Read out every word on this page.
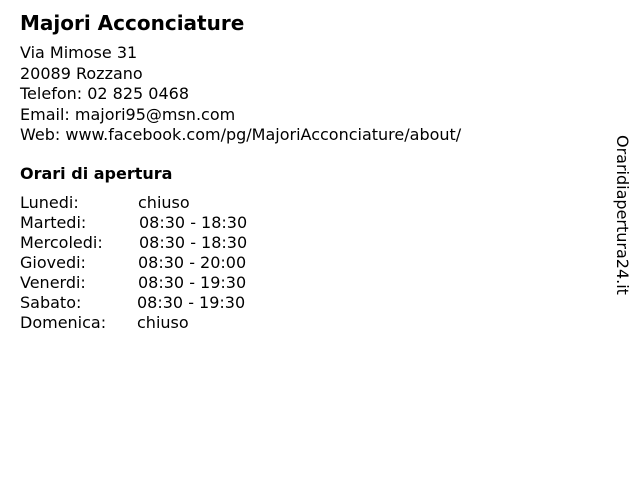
Majori Acconciature
Via Mimose 31
20089 Rozzano
Telefon: 02 825 0468
Email: majori95@msn.com
Web: www.facebook.com/pg/MajoriAcconciature/about/
Orari di apertura
Lunedi:	chiuso
Martedi:	08:30 - 18:30
Mercoledi: 08:30 - 18:30
Giovedi:	08:30 - 20:00
Venerdi:	08:30 - 19:30
Sabato:	08:30 - 19:30
Domenica: chiuso
Oraridiapertura24.it
